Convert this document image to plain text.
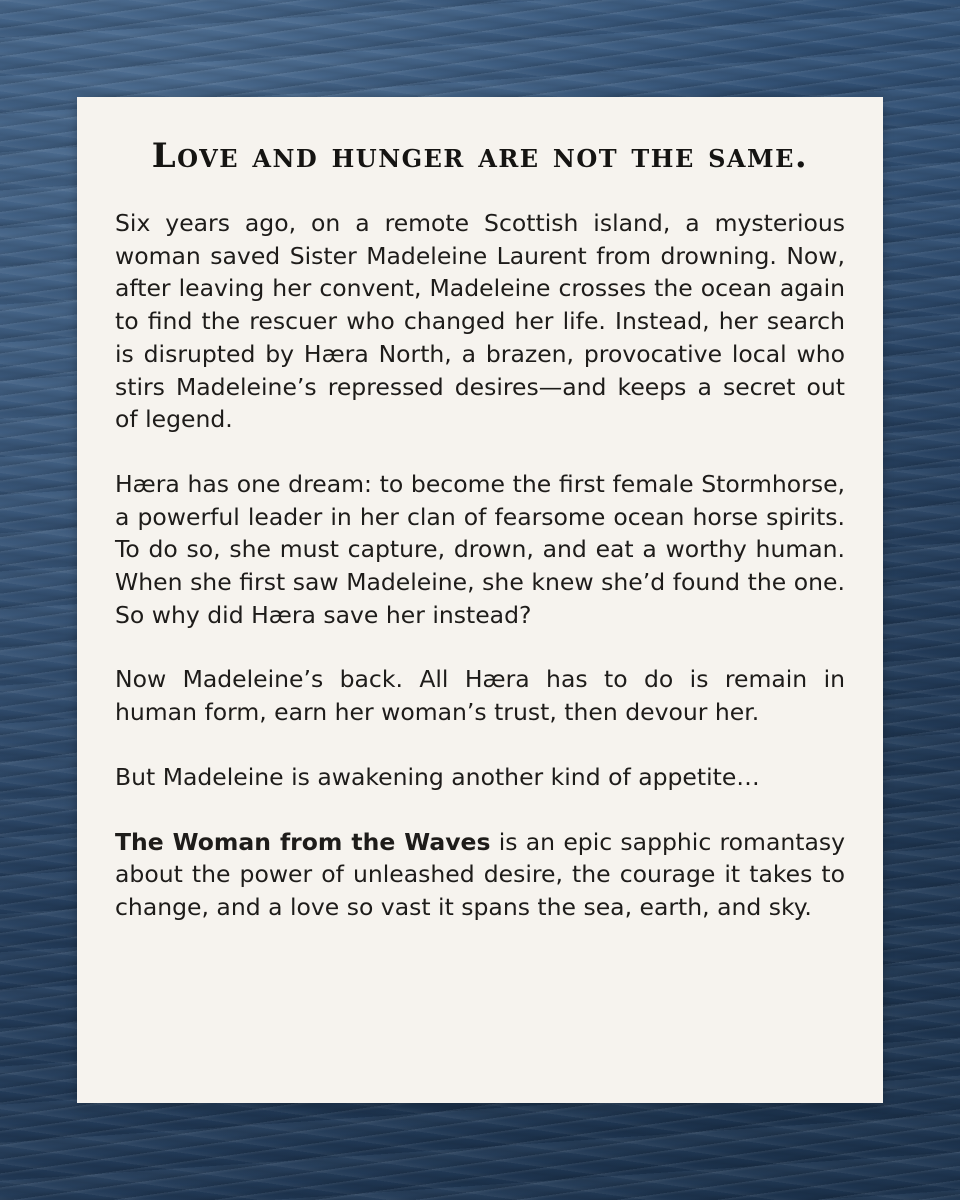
Love and hunger are not the same.

Six years ago, on a remote Scottish island, a mysterious woman saved Sister Madeleine Laurent from drowning. Now, after leaving her convent, Madeleine crosses the ocean again to find the rescuer who changed her life. Instead, her search is disrupted by Hæra North, a brazen, provocative local who stirs Madeleine’s repressed desires—and keeps a secret out of legend.

Hæra has one dream: to become the first female Stormhorse, a powerful leader in her clan of fearsome ocean horse spirits. To do so, she must capture, drown, and eat a worthy human. When she first saw Madeleine, she knew she’d found the one. So why did Hæra save her instead?

Now Madeleine’s back. All Hæra has to do is remain in human form, earn her woman’s trust, then devour her.

But Madeleine is awakening another kind of appetite…

The Woman from the Waves is an epic sapphic romantasy about the power of unleashed desire, the courage it takes to change, and a love so vast it spans the sea, earth, and sky.
